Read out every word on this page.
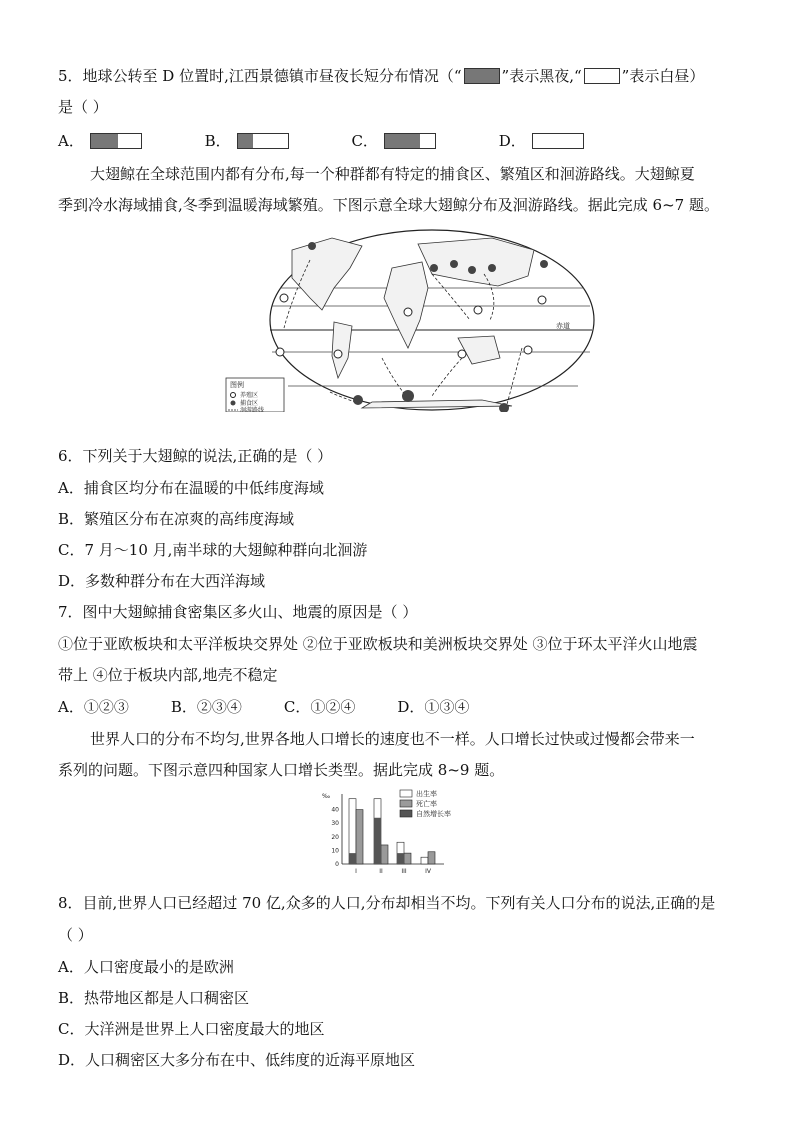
5．地球公转至 D 位置时,江西景德镇市昼夜长短分布情况（“	”表示黑夜,“	”表示白昼）
是（ ）
A．	B．	C．	D．
大翅鲸在全球范围内都有分布,每一个种群都有特定的捕食区、繁殖区和洄游路线。大翅鲸夏
季到冷水海域捕食,冬季到温暖海域繁殖。下图示意全球大翅鲸分布及洄游路线。据此完成 6~7 题。
赤道
图例
养殖区
捕食区
洄游路线
6．下列关于大翅鲸的说法,正确的是（ ）
A．捕食区均分布在温暖的中低纬度海域
B．繁殖区分布在凉爽的高纬度海域
C．7 月～10 月,南半球的大翅鲸种群向北洄游
D．多数种群分布在大西洋海域
7．图中大翅鲸捕食密集区多火山、地震的原因是（ ）
①位于亚欧板块和太平洋板块交界处 ②位于亚欧板块和美洲板块交界处 ③位于环太平洋火山地震
带上 ④位于板块内部,地壳不稳定
A．①②③	B．②③④	C．①②④	D．①③④
世界人口的分布不均匀,世界各地人口增长的速度也不一样。人口增长过快或过慢都会带来一
系列的问题。下图示意四种国家人口增长类型。据此完成 8~9 题。
‰
0
10
20
30
40
I	II	III	IV
出生率
死亡率
自然增长率
8．目前,世界人口已经超过 70 亿,众多的人口,分布却相当不均。下列有关人口分布的说法,正确的是
（ ）
A．人口密度最小的是欧洲
B．热带地区都是人口稠密区
C．大洋洲是世界上人口密度最大的地区
D．人口稠密区大多分布在中、低纬度的近海平原地区
